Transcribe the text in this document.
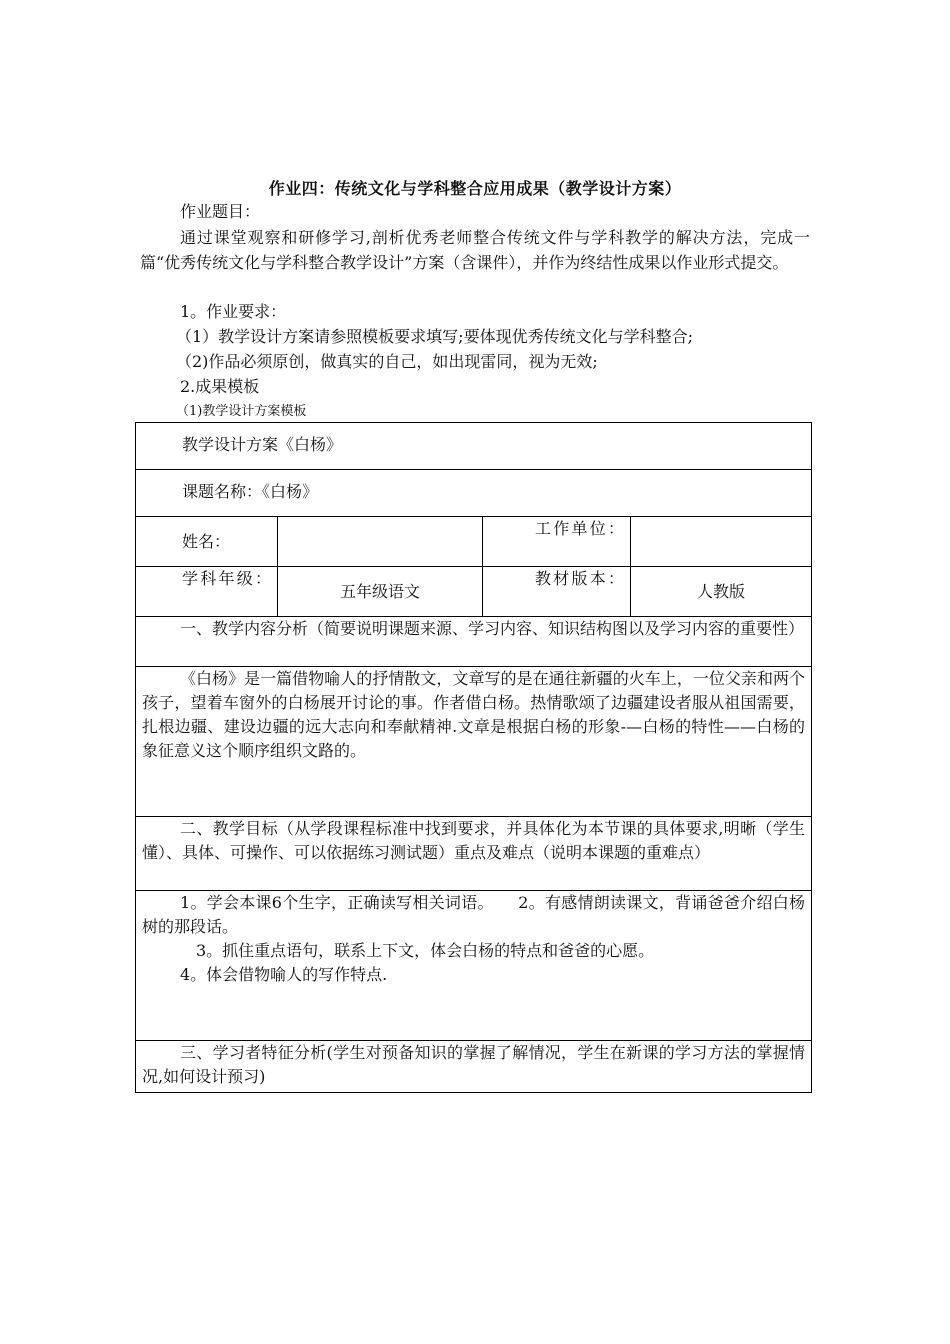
作业四：传统文化与学科整合应用成果（教学设计方案）
作业题目：
通过课堂观察和研修学习,剖析优秀老师整合传统文件与学科教学的解决方法，完成一篇“优秀传统文化与学科整合教学设计”方案（含课件），并作为终结性成果以作业形式提交。
1。作业要求：
（1）教学设计方案请参照模板要求填写;要体现优秀传统文化与学科整合;
（2)作品必须原创，做真实的自己，如出现雷同，视为无效;
2.成果模板
（1)教学设计方案模板
教学设计方案《白杨》			
课题名称：《白杨》			
姓名：		工作单位：	

学科年级：	五年级语文	教材版本：	人教版
一、教学内容分析（简要说明课题来源、学习内容、知识结构图以及学习内容的重要性）			
《白杨》是一篇借物喻人的抒情散文，文章写的是在通往新疆的火车上，一位父亲和两个孩子，望着车窗外的白杨展开讨论的事。作者借白杨。热情歌颂了边疆建设者服从祖国需要，扎根边疆、建设边疆的远大志向和奉献精神.文章是根据白杨的形象-—白杨的特性——白杨的象征意义这个顺序组织文路的。			
二、教学目标（从学段课程标准中找到要求，并具体化为本节课的具体要求,明晰（学生懂）、具体、可操作、可以依据练习测试题）重点及难点（说明本课题的重难点）			

1。学会本课6个生字，正确读写相关词语。　　2。有感情朗读课文，背诵爸爸介绍白杨树的那段话。
3。抓住重点语句，联系上下文，体会白杨的特点和爸爸的心愿。
4。体会借物喻人的写作特点.			

三、学习者特征分析(学生对预备知识的掌握了解情况，学生在新课的学习方法的掌握情况,如何设计预习)			
